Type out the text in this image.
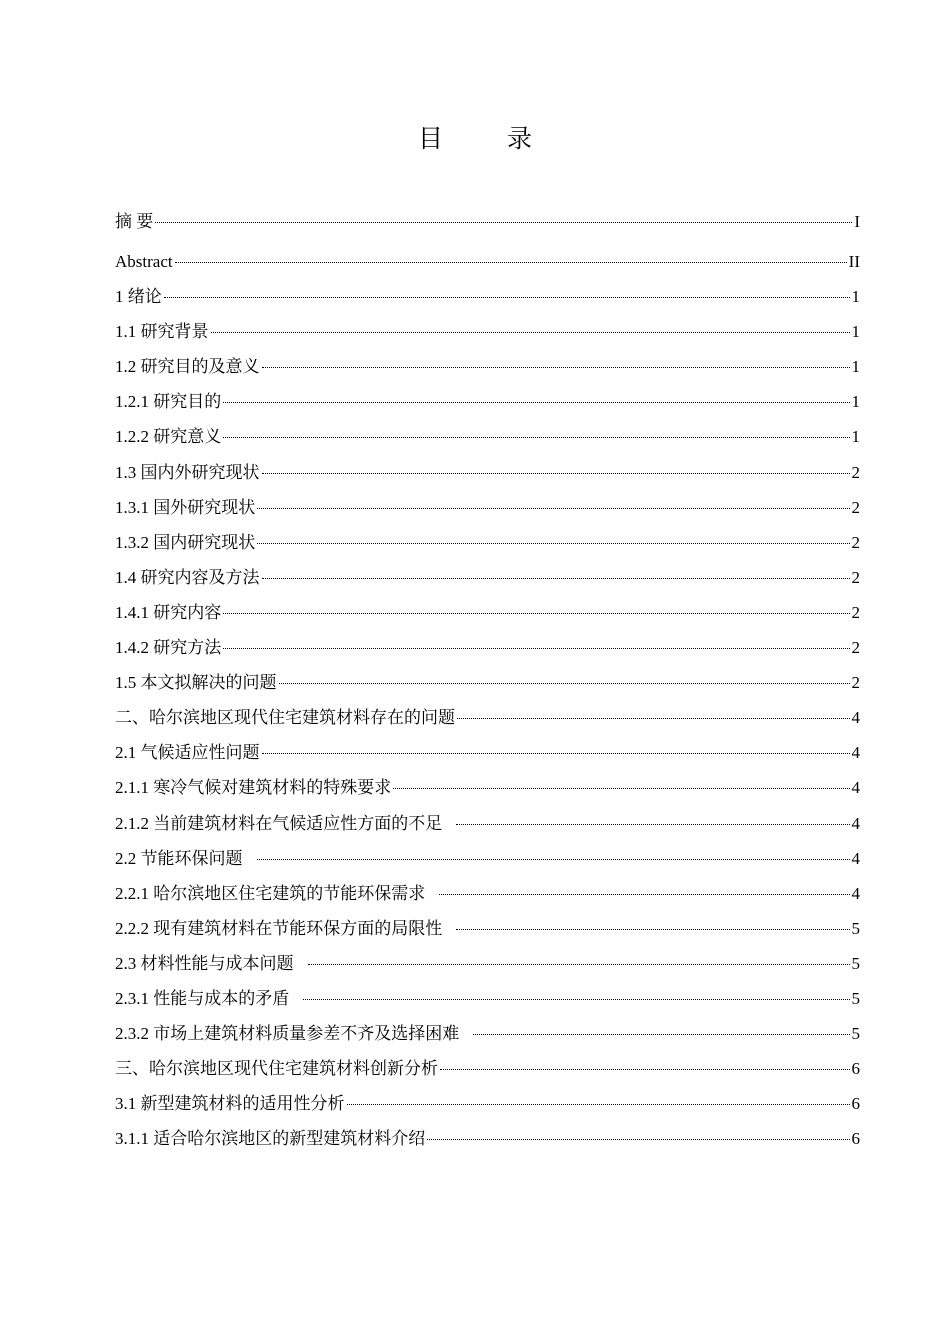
目 录
摘 要	I
Abstract	II
1 绪论	1
1.1 研究背景	1
1.2 研究目的及意义	1
1.2.1 研究目的	1
1.2.2 研究意义	1
1.3 国内外研究现状	2
1.3.1 国外研究现状	2
1.3.2 国内研究现状	2
1.4 研究内容及方法	2
1.4.1 研究内容	2
1.4.2 研究方法	2
1.5 本文拟解决的问题	2
二、哈尔滨地区现代住宅建筑材料存在的问题	4
2.1 气候适应性问题	4
2.1.1 寒冷气候对建筑材料的特殊要求	4
2.1.2 当前建筑材料在气候适应性方面的不足	4
2.2 节能环保问题	4
2.2.1 哈尔滨地区住宅建筑的节能环保需求	4
2.2.2 现有建筑材料在节能环保方面的局限性	5
2.3 材料性能与成本问题	5
2.3.1 性能与成本的矛盾	5
2.3.2 市场上建筑材料质量参差不齐及选择困难	5
三、哈尔滨地区现代住宅建筑材料创新分析	6
3.1 新型建筑材料的适用性分析	6
3.1.1 适合哈尔滨地区的新型建筑材料介绍	6
